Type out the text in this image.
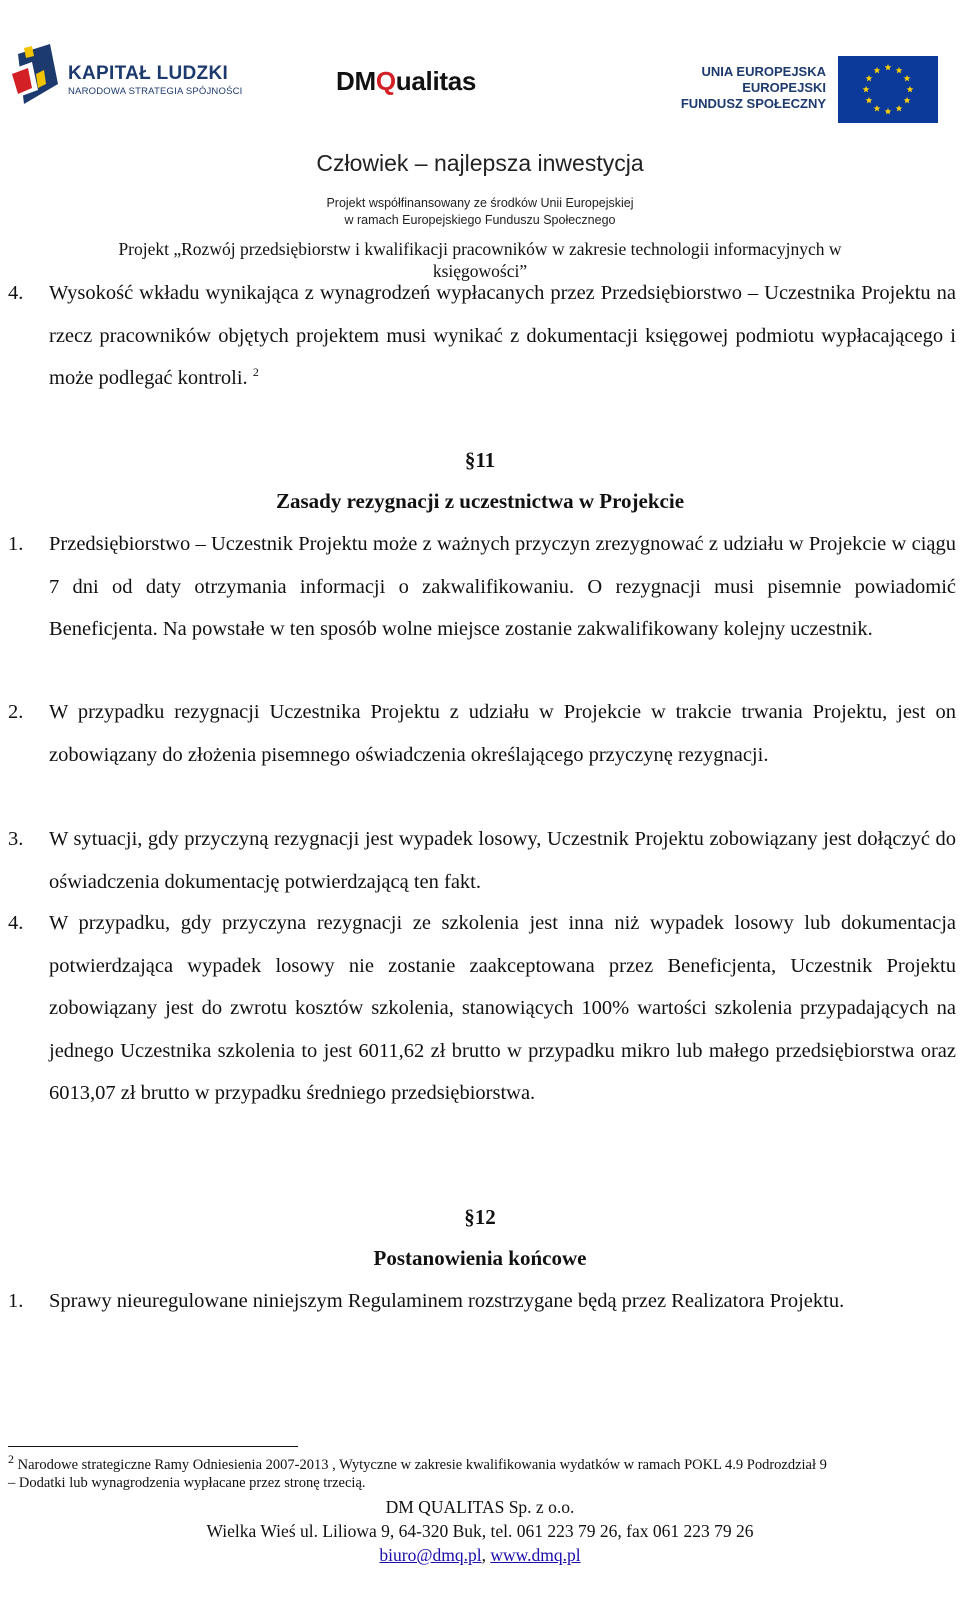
KAPITAŁ LUDZKI
NARODOWA STRATEGIA SPÓJNOŚCI	DMQualitas	UNIA EUROPEJSKA
EUROPEJSKI
FUNDUSZ SPOŁECZNY
Człowiek – najlepsza inwestycja
Projekt współfinansowany ze środków Unii Europejskiej
w ramach Europejskiego Funduszu Społecznego
Projekt „Rozwój przedsiębiorstw i kwalifikacji pracowników w zakresie technologii informacyjnych w
księgowości”
4. Wysokość wkładu wynikająca z wynagrodzeń wypłacanych przez Przedsiębiorstwo – Uczestnika Projektu na rzecz pracowników objętych projektem musi wynikać z dokumentacji księgowej podmiotu wypłacającego i może podlegać kontroli. $^2$
§11
Zasady rezygnacji z uczestnictwa w Projekcie
1. Przedsiębiorstwo – Uczestnik Projektu może z ważnych przyczyn zrezygnować z udziału w Projekcie w ciągu 7 dni od daty otrzymania informacji o zakwalifikowaniu. O rezygnacji musi pisemnie powiadomić Beneficjenta. Na powstałe w ten sposób wolne miejsce zostanie zakwalifikowany kolejny uczestnik.
2. W przypadku rezygnacji Uczestnika Projektu z udziału w Projekcie w trakcie trwania Projektu, jest on zobowiązany do złożenia pisemnego oświadczenia określającego przyczynę rezygnacji.
3. W sytuacji, gdy przyczyną rezygnacji jest wypadek losowy, Uczestnik Projektu zobowiązany jest dołączyć do oświadczenia dokumentację potwierdzającą ten fakt.
4. W przypadku, gdy przyczyna rezygnacji ze szkolenia jest inna niż wypadek losowy lub dokumentacja potwierdzająca wypadek losowy nie zostanie zaakceptowana przez Beneficjenta, Uczestnik Projektu zobowiązany jest do zwrotu kosztów szkolenia, stanowiących 100% wartości szkolenia przypadających na jednego Uczestnika szkolenia to jest 6011,62 zł brutto w przypadku mikro lub małego przedsiębiorstwa oraz 6013,07 zł brutto w przypadku średniego przedsiębiorstwa.
§12
Postanowienia końcowe
1. Sprawy nieuregulowane niniejszym Regulaminem rozstrzygane będą przez Realizatora Projektu.
$^2$ Narodowe strategiczne Ramy Odniesienia 2007-2013 , Wytyczne w zakresie kwalifikowania wydatków w ramach POKL 4.9 Podrozdział 9
– Dodatki lub wynagrodzenia wypłacane przez stronę trzecią.
DM QUALITAS Sp. z o.o.
Wielka Wieś ul. Liliowa 9, 64-320 Buk, tel. 061 223 79 26, fax 061 223 79 26
biuro@dmq.pl, www.dmq.pl
